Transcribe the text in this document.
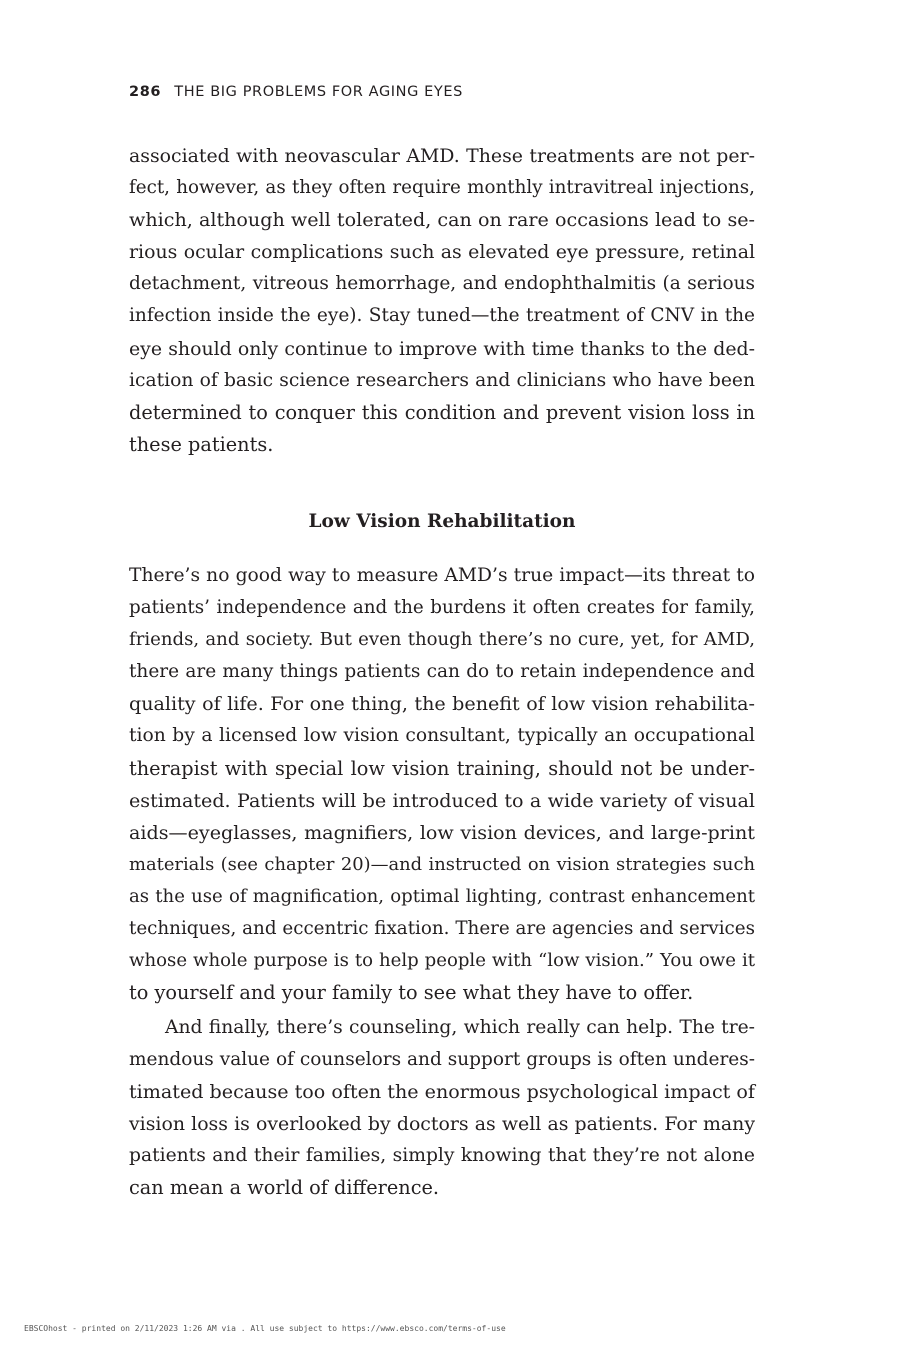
286 THE BIG PROBLEMS FOR AGING EYES
associated with neovascular AMD. These treatments are not per-
fect, however, as they often require monthly intravitreal injections,
which, although well tolerated, can on rare occasions lead to se-
rious ocular complications such as elevated eye pressure, retinal
detachment, vitreous hemorrhage, and endophthalmitis (a serious
infection inside the eye). Stay tuned—the treatment of CNV in the
eye should only continue to improve with time thanks to the ded-
ication of basic science researchers and clinicians who have been
determined to conquer this condition and prevent vision loss in
these patients.
Low Vision Rehabilitation
There’s no good way to measure AMD’s true impact—its threat to
patients’ independence and the burdens it often creates for family,
friends, and society. But even though there’s no cure, yet, for AMD,
there are many things patients can do to retain independence and
quality of life. For one thing, the benefit of low vision rehabilita-
tion by a licensed low vision consultant, typically an occupational
therapist with special low vision training, should not be under-
estimated. Patients will be introduced to a wide variety of visual
aids—eyeglasses, magnifiers, low vision devices, and large-print
materials (see chapter 20)—and instructed on vision strategies such
as the use of magnification, optimal lighting, contrast enhancement
techniques, and eccentric fixation. There are agencies and services
whose whole purpose is to help people with “low vision.” You owe it
to yourself and your family to see what they have to offer.
And finally, there’s counseling, which really can help. The tre-
mendous value of counselors and support groups is often underes-
timated because too often the enormous psychological impact of
vision loss is overlooked by doctors as well as patients. For many
patients and their families, simply knowing that they’re not alone
can mean a world of difference.
EBSCOhost - printed on 2/11/2023 1:26 AM via . All use subject to https://www.ebsco.com/terms-of-use
